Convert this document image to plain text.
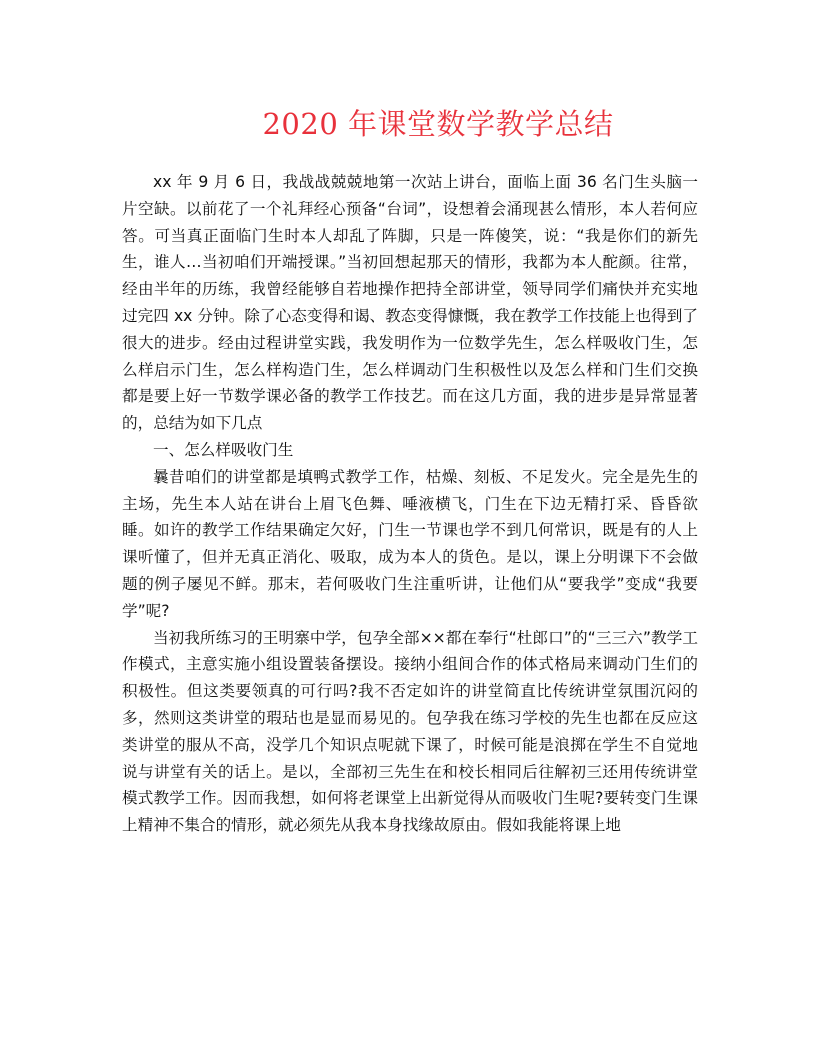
2020 年课堂数学教学总结

xx 年 9 月 6 日，我战战兢兢地第一次站上讲台，面临上面 36 名门生头脑一片空缺。以前花了一个礼拜经心预备“台词”，设想着会涌现甚么情形，本人若何应答。可当真正面临门生时本人却乱了阵脚，只是一阵傻笑，说：“我是你们的新先生，谁人…当初咱们开端授课。”当初回想起那天的情形，我都为本人酡颜。往常，经由半年的历练，我曾经能够自若地操作把持全部讲堂，领导同学们痛快并充实地过完四 xx 分钟。除了心态变得和谒、教态变得慷慨，我在教学工作技能上也得到了很大的进步。经由过程讲堂实践，我发明作为一位数学先生，怎么样吸收门生，怎么样启示门生，怎么样构造门生，怎么样调动门生积极性以及怎么样和门生们交换都是要上好一节数学课必备的教学工作技艺。而在这几方面，我的进步是异常显著的，总结为如下几点

一、怎么样吸收门生

曩昔咱们的讲堂都是填鸭式教学工作，枯燥、刻板、不足发火。完全是先生的主场，先生本人站在讲台上眉飞色舞、唾液横飞，门生在下边无精打采、昏昏欲睡。如许的教学工作结果确定欠好，门生一节课也学不到几何常识，既是有的人上课听懂了，但并无真正消化、吸取，成为本人的货色。是以，课上分明课下不会做题的例子屡见不鲜。那末，若何吸收门生注重听讲，让他们从“要我学”变成“我要学”呢?

当初我所练习的王明寨中学，包孕全部××都在奉行“杜郎口”的“三三六”教学工作模式，主意实施小组设置装备摆设。接纳小组间合作的体式格局来调动门生们的积极性。但这类要领真的可行吗?我不否定如许的讲堂简直比传统讲堂氛围沉闷的多，然则这类讲堂的瑕玷也是显而易见的。包孕我在练习学校的先生也都在反应这类讲堂的服从不高，没学几个知识点呢就下课了，时候可能是浪掷在学生不自觉地说与讲堂有关的话上。是以，全部初三先生在和校长相同后往解初三还用传统讲堂模式教学工作。因而我想，如何将老课堂上出新觉得从而吸收门生呢?要转变门生课上精神不集合的情形，就必须先从我本身找缘故原由。假如我能将课上地
